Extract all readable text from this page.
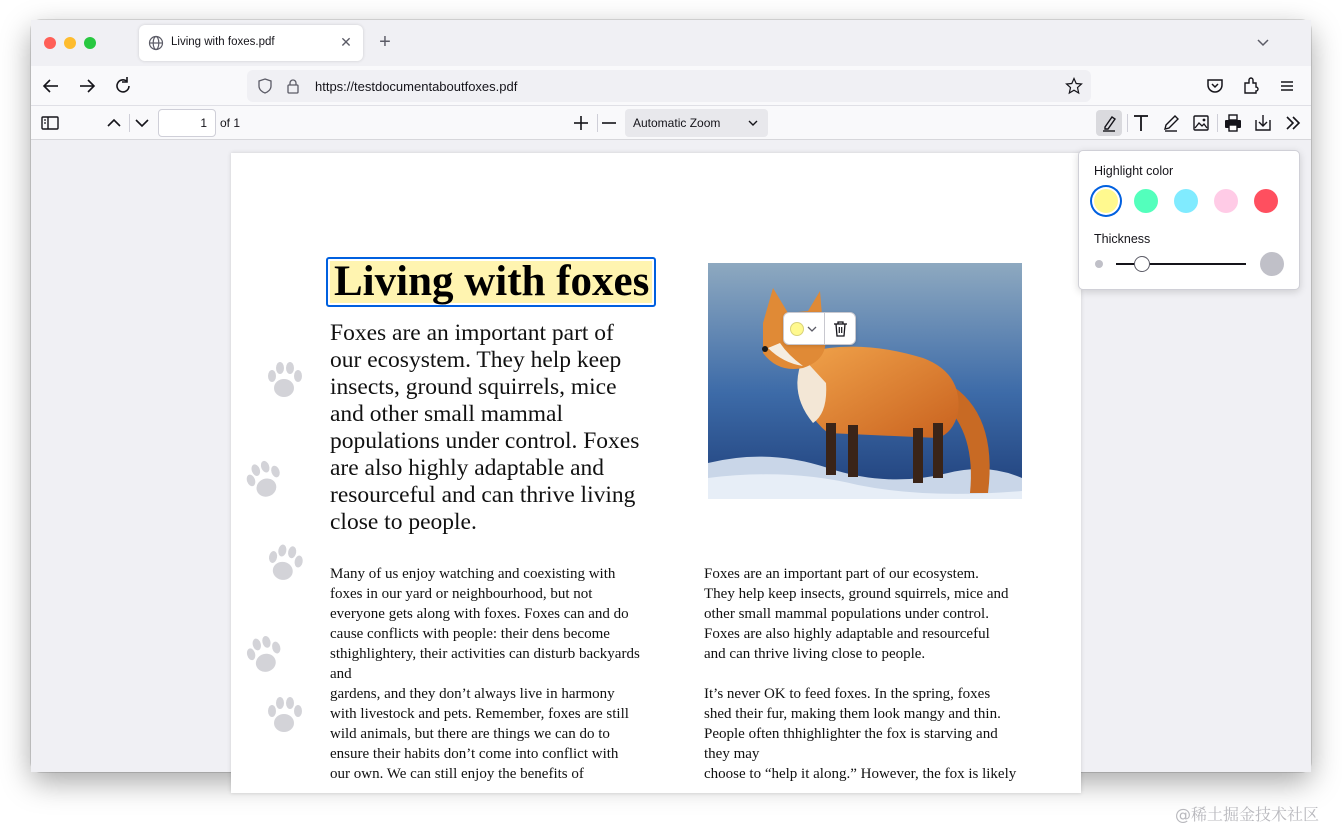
Living with foxes.pdf	✕ +
https://testdocumentaboutfoxes.pdf
1	of 1	Automatic Zoom
Living with foxes
Foxes are an important part of
our ecosystem. They help keep
insects, ground squirrels, mice
and other small mammal
populations under control. Foxes
are also highly adaptable and
resourceful and can thrive living
close to people.
Many of us enjoy watching and coexisting with
foxes in our yard or neighbourhood, but not
everyone gets along with foxes. Foxes can and do
cause conflicts with people: their dens become
sthighlightery, their activities can disturb backyards
and
gardens, and they don’t always live in harmony
with livestock and pets. Remember, foxes are still
wild animals, but there are things we can do to
ensure their habits don’t come into conflict with
our own. We can still enjoy the benefits of

Foxes are an important part of our ecosystem.
They help keep insects, ground squirrels, mice and
other small mammal populations under control.
Foxes are also highly adaptable and resourceful
and can thrive living close to people.

It’s never OK to feed foxes. In the spring, foxes
shed their fur, making them look mangy and thin.
People often thhighlighter the fox is starving and
they may
choose to “help it along.” However, the fox is likely

Highlight color
Thickness
@稀土掘金技术社区
